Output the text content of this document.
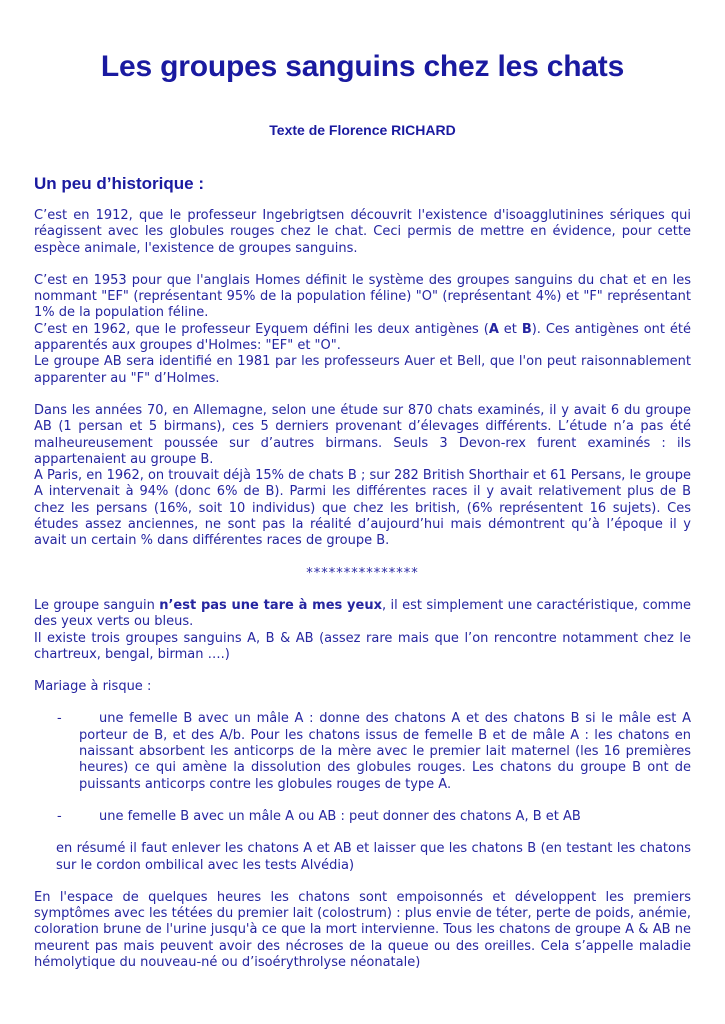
Les groupes sanguins chez les chats
Texte de Florence RICHARD
Un peu d’historique :

C’est en 1912, que le professeur Ingebrigtsen découvrit l'existence d'isoagglutinines sériques qui réagissent avec les globules rouges chez le chat. Ceci permis de mettre en évidence, pour cette espèce animale, l'existence de groupes sanguins.

C’est en 1953 pour que l'anglais Homes définit le système des groupes sanguins du chat et en les nommant "EF" (représentant 95% de la population féline) "O" (représentant 4%) et "F" représentant 1% de la population féline.

C’est en 1962, que le professeur Eyquem défini les deux antigènes (A et B). Ces antigènes ont été apparentés aux groupes d'Holmes: "EF" et "O".

Le groupe AB sera identifié en 1981 par les professeurs Auer et Bell, que l'on peut raisonnablement apparenter au "F" d’Holmes.

Dans les années 70, en Allemagne, selon une étude sur 870 chats examinés, il y avait 6 du groupe AB (1 persan et 5 birmans), ces 5 derniers provenant d’élevages différents. L’étude n’a pas été malheureusement poussée sur d’autres birmans. Seuls 3 Devon-rex furent examinés : ils appartenaient au groupe B.

A Paris, en 1962, on trouvait déjà 15% de chats B ; sur 282 British Shorthair et 61 Persans, le groupe A intervenait à 94% (donc 6% de B). Parmi les différentes races il y avait relativement plus de B chez les persans (16%, soit 10 individus) que chez les british, (6% représentent 16 sujets). Ces études assez anciennes, ne sont pas la réalité d’aujourd’hui mais démontrent qu’à l’époque il y avait un certain % dans différentes races de groupe B.

***************

Le groupe sanguin n’est pas une tare à mes yeux, il est simplement une caractéristique, comme des yeux verts ou bleus.

Il existe trois groupes sanguins A, B & AB (assez rare mais que l’on rencontre notamment chez le chartreux, bengal, birman ….)

Mariage à risque :

-	une femelle B avec un mâle A : donne des chatons A et des chatons B si le mâle est A porteur de B, et des A/b. Pour les chatons issus de femelle B et de mâle A : les chatons en naissant absorbent les anticorps de la mère avec le premier lait maternel (les 16 premières heures) ce qui amène la dissolution des globules rouges. Les chatons du groupe B ont de puissants anticorps contre les globules rouges de type A.
-	une femelle B avec un mâle A ou AB : peut donner des chatons A, B et AB

en résumé il faut enlever les chatons A et AB et laisser que les chatons B (en testant les chatons sur le cordon ombilical avec les tests Alvédia)

En l'espace de quelques heures les chatons sont empoisonnés et développent les premiers symptômes avec les tétées du premier lait (colostrum) : plus envie de téter, perte de poids, anémie, coloration brune de l'urine jusqu'à ce que la mort intervienne. Tous les chatons de groupe A & AB ne meurent pas mais peuvent avoir des nécroses de la queue ou des oreilles. Cela s’appelle maladie hémolytique du nouveau-né ou d’isoérythrolyse néonatale)
